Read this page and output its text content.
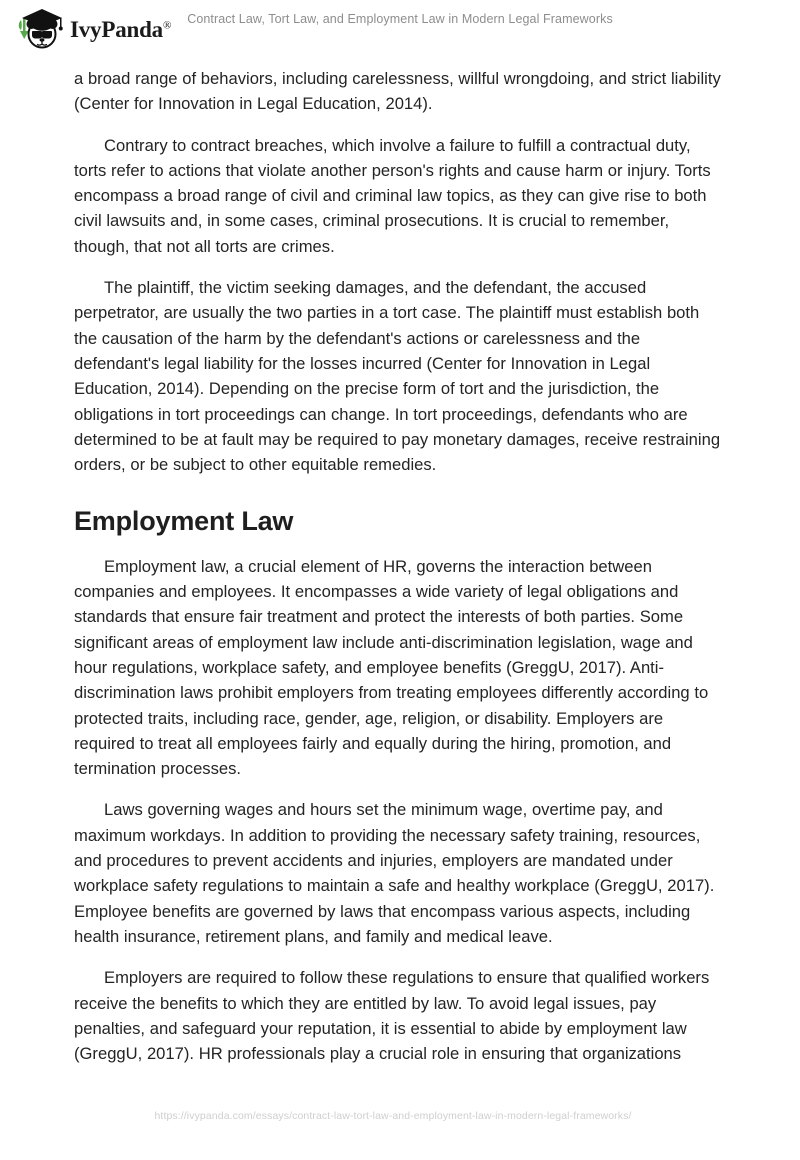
IvyPanda®	Contract Law, Tort Law, and Employment Law in Modern Legal Frameworks

a broad range of behaviors, including carelessness, willful wrongdoing, and strict liability (Center for Innovation in Legal Education, 2014).

Contrary to contract breaches, which involve a failure to fulfill a contractual duty, torts refer to actions that violate another person's rights and cause harm or injury. Torts encompass a broad range of civil and criminal law topics, as they can give rise to both civil lawsuits and, in some cases, criminal prosecutions. It is crucial to remember, though, that not all torts are crimes.

The plaintiff, the victim seeking damages, and the defendant, the accused perpetrator, are usually the two parties in a tort case. The plaintiff must establish both the causation of the harm by the defendant's actions or carelessness and the defendant's legal liability for the losses incurred (Center for Innovation in Legal Education, 2014). Depending on the precise form of tort and the jurisdiction, the obligations in tort proceedings can change. In tort proceedings, defendants who are determined to be at fault may be required to pay monetary damages, receive restraining orders, or be subject to other equitable remedies.

Employment Law

Employment law, a crucial element of HR, governs the interaction between companies and employees. It encompasses a wide variety of legal obligations and standards that ensure fair treatment and protect the interests of both parties. Some significant areas of employment law include anti-discrimination legislation, wage and hour regulations, workplace safety, and employee benefits (GreggU, 2017). Anti-discrimination laws prohibit employers from treating employees differently according to protected traits, including race, gender, age, religion, or disability. Employers are required to treat all employees fairly and equally during the hiring, promotion, and termination processes.

Laws governing wages and hours set the minimum wage, overtime pay, and maximum workdays. In addition to providing the necessary safety training, resources, and procedures to prevent accidents and injuries, employers are mandated under workplace safety regulations to maintain a safe and healthy workplace (GreggU, 2017). Employee benefits are governed by laws that encompass various aspects, including health insurance, retirement plans, and family and medical leave.

Employers are required to follow these regulations to ensure that qualified workers receive the benefits to which they are entitled by law. To avoid legal issues, pay penalties, and safeguard your reputation, it is essential to abide by employment law (GreggU, 2017). HR professionals play a crucial role in ensuring that organizations

https://ivypanda.com/essays/contract-law-tort-law-and-employment-law-in-modern-legal-frameworks/
